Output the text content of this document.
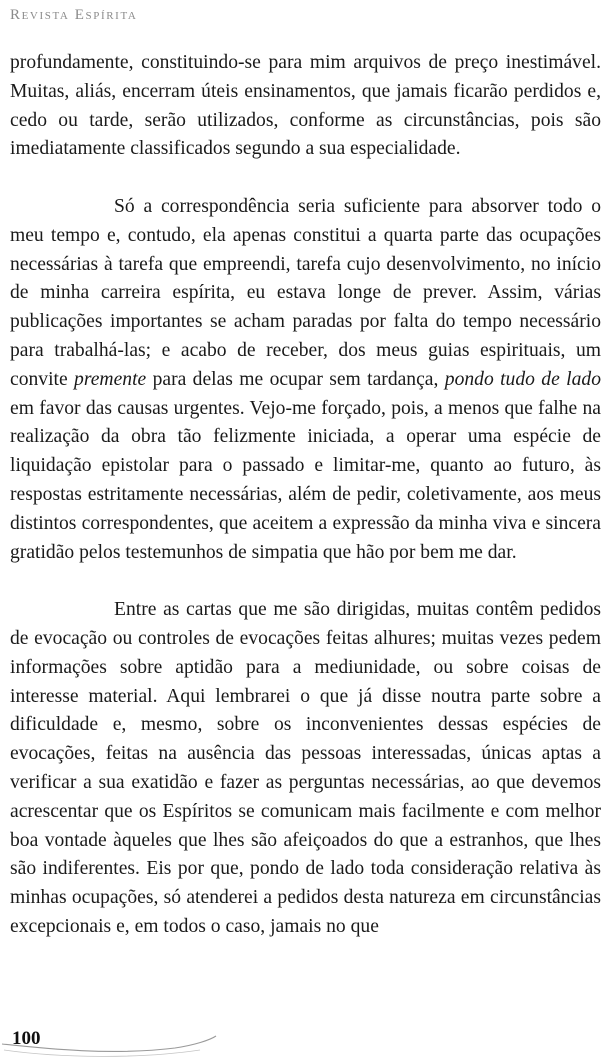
Revista Espírita

profundamente, constituindo-se para mim arquivos de preço inestimável. Muitas, aliás, encerram úteis ensinamentos, que jamais ficarão perdidos e, cedo ou tarde, serão utilizados, conforme as circunstâncias, pois são imediatamente classificados segundo a sua especialidade.

Só a correspondência seria suficiente para absorver todo o meu tempo e, contudo, ela apenas constitui a quarta parte das ocupações necessárias à tarefa que empreendi, tarefa cujo desenvolvimento, no início de minha carreira espírita, eu estava longe de prever. Assim, várias publicações importantes se acham paradas por falta do tempo necessário para trabalhá-las; e acabo de receber, dos meus guias espirituais, um convite premente para delas me ocupar sem tardança, pondo tudo de lado em favor das causas urgentes. Vejo-me forçado, pois, a menos que falhe na realização da obra tão felizmente iniciada, a operar uma espécie de liquidação epistolar para o passado e limitar-me, quanto ao futuro, às respostas estritamente necessárias, além de pedir, coletivamente, aos meus distintos correspondentes, que aceitem a expressão da minha viva e sincera gratidão pelos testemunhos de simpatia que hão por bem me dar.

Entre as cartas que me são dirigidas, muitas contêm pedidos de evocação ou controles de evocações feitas alhures; muitas vezes pedem informações sobre aptidão para a mediunidade, ou sobre coisas de interesse material. Aqui lembrarei o que já disse noutra parte sobre a dificuldade e, mesmo, sobre os inconvenientes dessas espécies de evocações, feitas na ausência das pessoas interessadas, únicas aptas a verificar a sua exatidão e fazer as perguntas necessárias, ao que devemos acrescentar que os Espíritos se comunicam mais facilmente e com melhor boa vontade àqueles que lhes são afeiçoados do que a estranhos, que lhes são indiferentes. Eis por que, pondo de lado toda consideração relativa às minhas ocupações, só atenderei a pedidos desta natureza em circunstâncias excepcionais e, em todos o caso, jamais no que

100
